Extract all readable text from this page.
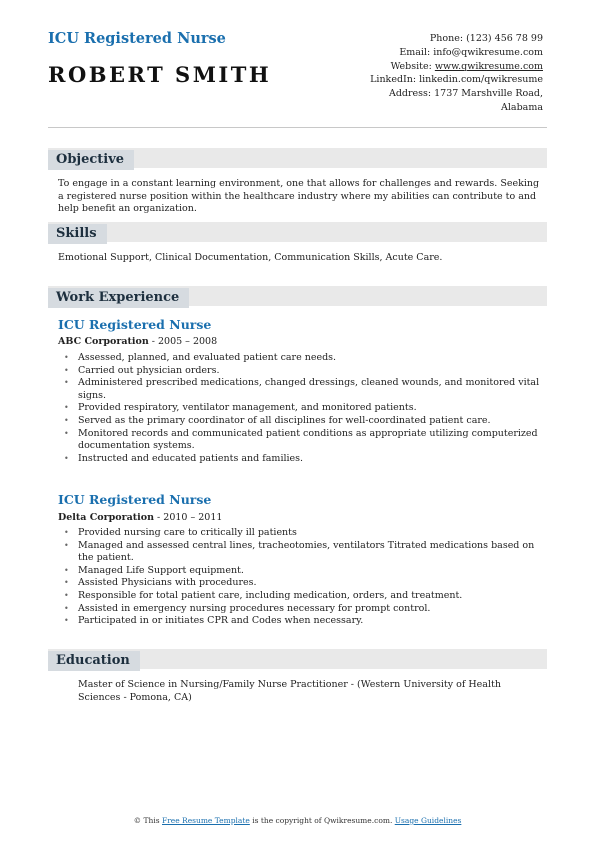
ICU Registered Nurse
ROBERT SMITH
Phone: (123) 456 78 99
Email: info@qwikresume.com
Website: www.qwikresume.com
LinkedIn: linkedin.com/qwikresume
Address: 1737 Marshville Road,
Alabama
Objective
To engage in a constant learning environment, one that allows for challenges and rewards. Seeking a registered nurse position within the healthcare industry where my abilities can contribute to and help benefit an organization.
Skills
Emotional Support, Clinical Documentation, Communication Skills, Acute Care.
Work Experience
ICU Registered Nurse
ABC Corporation - 2005 – 2008
• Assessed, planned, and evaluated patient care needs.
• Carried out physician orders.
• Administered prescribed medications, changed dressings, cleaned wounds, and monitored vital signs.
• Provided respiratory, ventilator management, and monitored patients.
• Served as the primary coordinator of all disciplines for well-coordinated patient care.
• Monitored records and communicated patient conditions as appropriate utilizing computerized documentation systems.
• Instructed and educated patients and families.
ICU Registered Nurse
Delta Corporation - 2010 – 2011
• Provided nursing care to critically ill patients
• Managed and assessed central lines, tracheotomies, ventilators Titrated medications based on the patient.
• Managed Life Support equipment.
• Assisted Physicians with procedures.
• Responsible for total patient care, including medication, orders, and treatment.
• Assisted in emergency nursing procedures necessary for prompt control.
• Participated in or initiates CPR and Codes when necessary.
Education
Master of Science in Nursing/Family Nurse Practitioner - (Western University of Health Sciences - Pomona, CA)
© This Free Resume Template is the copyright of Qwikresume.com. Usage Guidelines
